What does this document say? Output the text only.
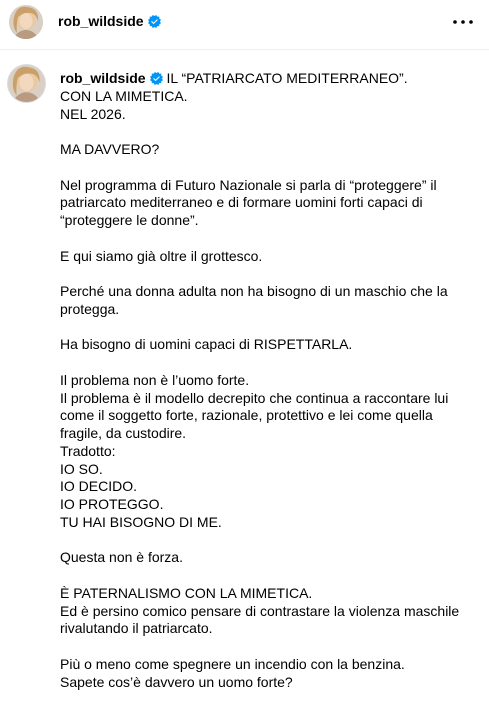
rob_wildside
rob_wildside IL “PATRIARCATO MEDITERRANEO”.
CON LA MIMETICA.
NEL 2026.
MA DAVVERO?
Nel programma di Futuro Nazionale si parla di “proteggere” il
patriarcato mediterraneo e di formare uomini forti capaci di
“proteggere le donne”.
E qui siamo già oltre il grottesco.
Perché una donna adulta non ha bisogno di un maschio che la
protegga.
Ha bisogno di uomini capaci di RISPETTARLA.
Il problema non è l’uomo forte.
Il problema è il modello decrepito che continua a raccontare lui
come il soggetto forte, razionale, protettivo e lei come quella
fragile, da custodire.
Tradotto:
IO SO.
IO DECIDO.
IO PROTEGGO.
TU HAI BISOGNO DI ME.
Questa non è forza.
È PATERNALISMO CON LA MIMETICA.
Ed è persino comico pensare di contrastare la violenza maschile
rivalutando il patriarcato.
Più o meno come spegnere un incendio con la benzina.
Sapete cos’è davvero un uomo forte?
